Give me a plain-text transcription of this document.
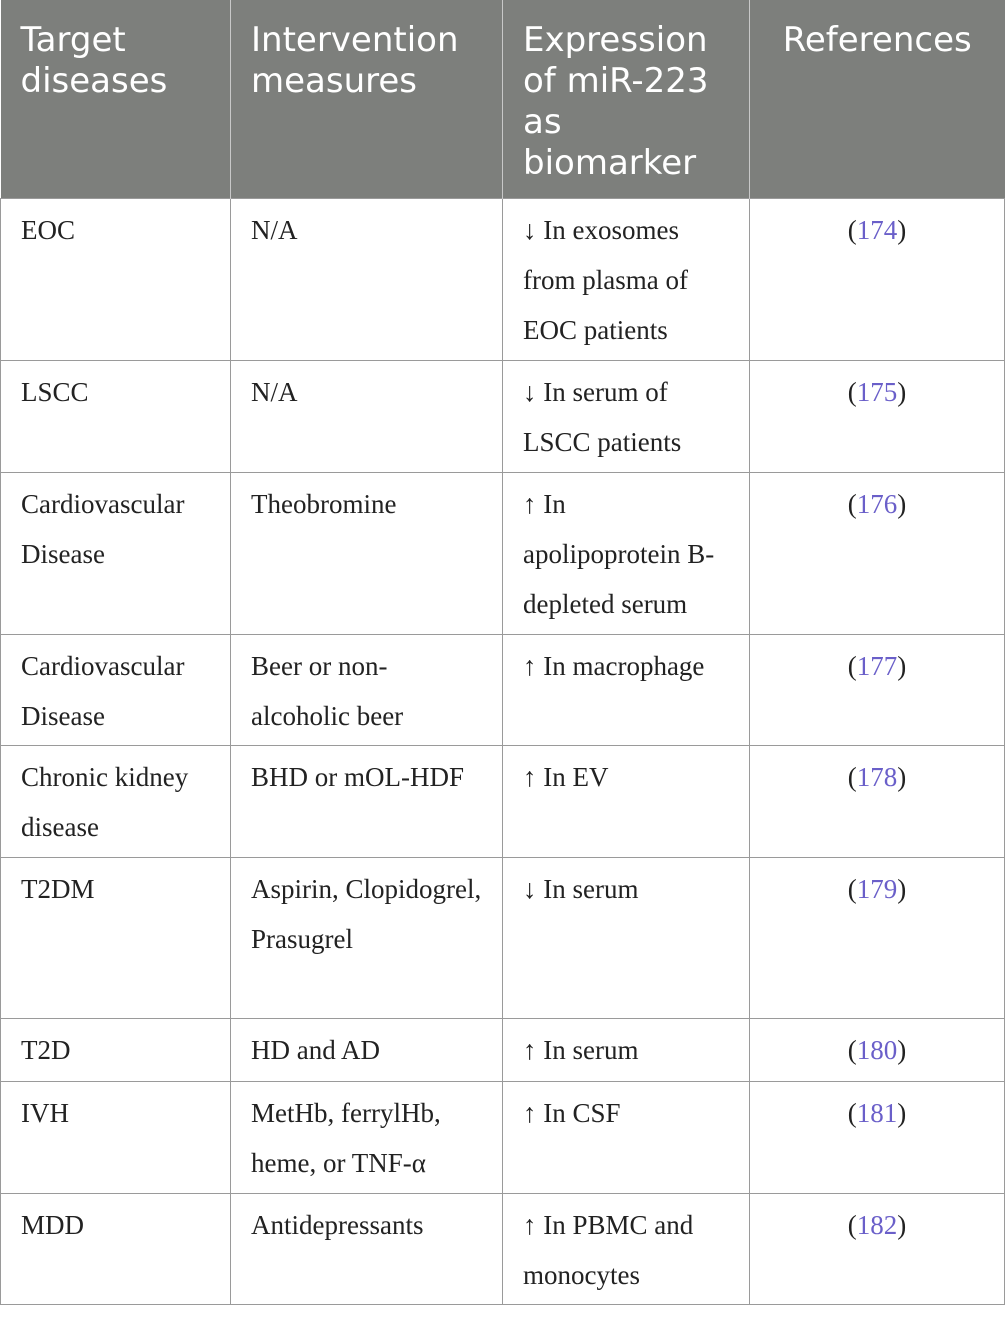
Target diseases	Intervention measures	Expression of miR-223 as biomarker	References
EOC	N/A	↓ In exosomes from plasma of EOC patients	(174)
LSCC	N/A	↓ In serum of LSCC patients	(175)
Cardiovascular Disease	Theobromine	↑ In apolipoprotein B-depleted serum	(176)
Cardiovascular Disease	Beer or non-alcoholic beer	↑ In macrophage	(177)
Chronic kidney disease	BHD or mOL-HDF	↑ In EV	(178)
T2DM	Aspirin, Clopidogrel, Prasugrel	↓ In serum	(179)
T2D	HD and AD	↑ In serum	(180)
IVH	MetHb, ferrylHb, heme, or TNF-α	↑ In CSF	(181)
MDD	Antidepressants	↑ In PBMC and monocytes	(182)
